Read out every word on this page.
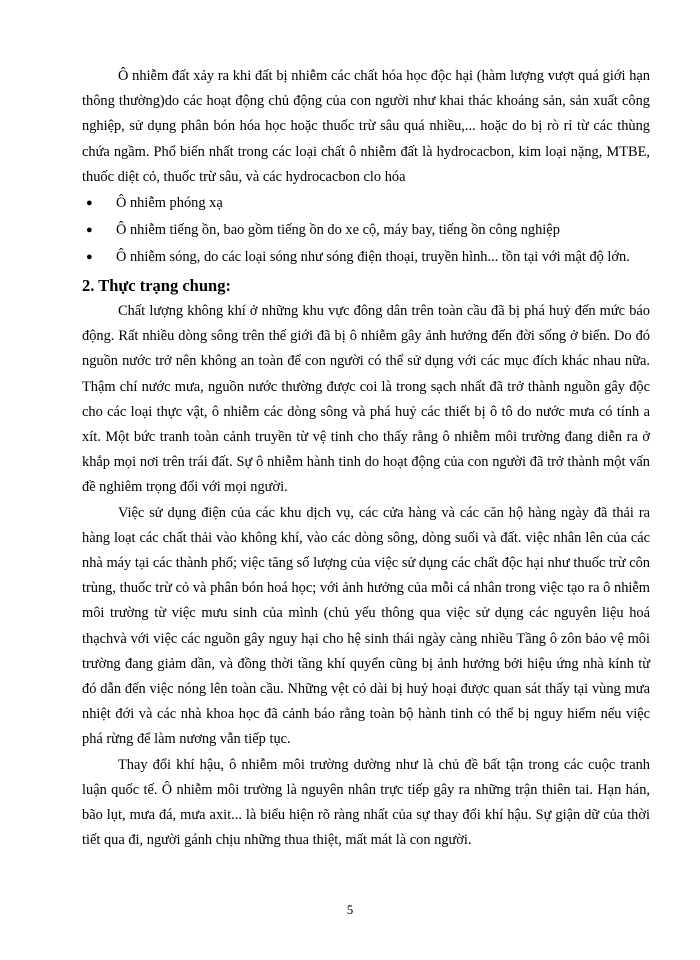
Ô nhiễm đất xảy ra khi đất bị nhiễm các chất hóa học độc hại (hàm lượng vượt quá giới hạn thông thường)do các hoạt động chủ động của con người như khai thác khoáng sản, sản xuất công nghiệp, sử dụng phân bón hóa học hoặc thuốc trừ sâu quá nhiều,... hoặc do bị rò rỉ từ các thùng chứa ngầm. Phổ biến nhất trong các loại chất ô nhiễm đất là hydrocacbon, kim loại nặng, MTBE, thuốc diệt cỏ, thuốc trừ sâu, và các hydrocacbon clo hóa

● Ô nhiễm phóng xạ
● Ô nhiễm tiếng ồn, bao gồm tiếng ồn do xe cộ, máy bay, tiếng ồn công nghiệp
● Ô nhiễm sóng, do các loại sóng như sóng điện thoại, truyền hình... tồn tại với mật độ lớn.
2. Thực trạng chung:

Chất lượng không khí ở những khu vực đông dân trên toàn cầu đã bị phá huỷ đến mức báo động. Rất nhiều dòng sông trên thế giới đã bị ô nhiễm gây ảnh hưởng đến đời sống ở biển. Do đó nguồn nước trở nên không an toàn để con người có thể sử dụng với các mục đích khác nhau nữa. Thậm chí nước mưa, nguồn nước thường được coi là trong sạch nhất đã trở thành nguồn gây độc cho các loại thực vật, ô nhiễm các dòng sông và phá huỷ các thiết bị ô tô do nước mưa có tính a xít. Một bức tranh toàn cảnh truyền từ vệ tinh cho thấy rằng ô nhiễm môi trường đang diễn ra ở khắp mọi nơi trên trái đất. Sự ô nhiễm hành tinh do hoạt động của con người đã trở thành một vấn đề nghiêm trọng đối với mọi người.

Việc sử dụng điện của các khu dịch vụ, các cửa hàng và các căn hộ hàng ngày đã thải ra hàng loạt các chất thải vào không khí, vào các dòng sông, dòng suối và đất. việc nhân lên của các nhà máy tại các thành phố; việc tăng số lượng của việc sử dụng các chất độc hại như thuốc trừ côn trùng, thuốc trừ cỏ và phân bón hoá học; với ảnh hưởng của mỗi cá nhân trong việc tạo ra ô nhiễm môi trường từ việc mưu sinh của mình (chủ yếu thông qua việc sử dụng các nguyên liệu hoá thạchvà với việc các nguồn gây nguy hại cho hệ sinh thái ngày càng nhiều Tầng ô zôn bảo vệ môi trường đang giảm dần, và đồng thời tầng khí quyển cũng bị ảnh hưởng bởi hiệu ứng nhà kính từ đó dẫn đến việc nóng lên toàn cầu. Những vệt cỏ dài bị huỷ hoại được quan sát thấy tại vùng mưa nhiệt đới và các nhà khoa học đã cảnh báo rằng toàn bộ hành tinh có thể bị nguy hiểm nếu việc phá rừng để làm nương vẫn tiếp tục.

Thay đổi khí hậu, ô nhiễm môi trường dường như là chủ đề bất tận trong các cuộc tranh luận quốc tế. Ô nhiễm môi trường là nguyên nhân trực tiếp gây ra những trận thiên tai. Hạn hán, bão lụt, mưa đá, mưa axit... là biểu hiện rõ ràng nhất của sự thay đổi khí hậu. Sự giận dữ của thời tiết qua đi, người gánh chịu những thua thiệt, mất mát là con người.

5
